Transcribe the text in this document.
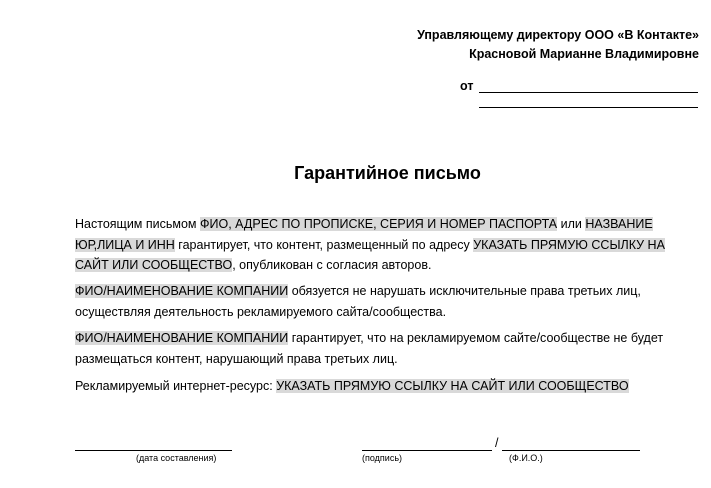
Управляющему директору ООО «В Контакте»
Красновой Марианне Владимировне
от
Гарантийное письмо
Настоящим письмом ФИО, АДРЕС ПО ПРОПИСКЕ, СЕРИЯ И НОМЕР ПАСПОРТА или НАЗВАНИЕ ЮР,ЛИЦА И ИНН гарантирует, что контент, размещенный по адресу УКАЗАТЬ ПРЯМУЮ ССЫЛКУ НА САЙТ ИЛИ СООБЩЕСТВО, опубликован с согласия авторов.
ФИО/НАИМЕНОВАНИЕ КОМПАНИИ обязуется не нарушать исключительные права третьих лиц, осуществляя деятельность рекламируемого сайта/сообщества.
ФИО/НАИМЕНОВАНИЕ КОМПАНИИ гарантирует, что на рекламируемом сайте/сообществе не будет размещаться контент, нарушающий права третьих лиц.
Рекламируемый интернет-ресурс: УКАЗАТЬ ПРЯМУЮ ССЫЛКУ НА САЙТ ИЛИ СООБЩЕСТВО
/
(дата составления)	(подпись)	(Ф.И.О.)
